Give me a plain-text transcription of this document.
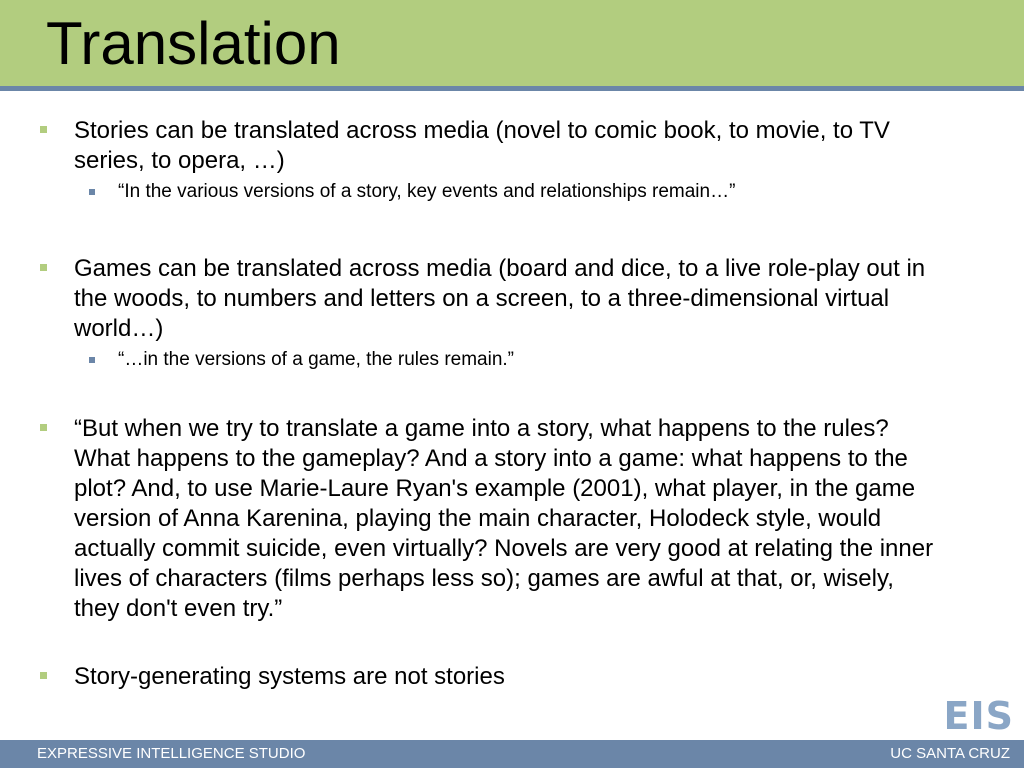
Translation

Stories can be translated across media (novel to comic book, to movie, to TV series, to opera, …)

“In the various versions of a story, key events and relationships remain…”

Games can be translated across media (board and dice, to a live role-play out in the woods, to numbers and letters on a screen, to a three-dimensional virtual world…)

“…in the versions of a game, the rules remain.”

“But when we try to translate a game into a story, what happens to the rules? What happens to the gameplay? And a story into a game: what happens to the plot? And, to use Marie-Laure Ryan's example (2001), what player, in the game version of Anna Karenina, playing the main character, Holodeck style, would actually commit suicide, even virtually? Novels are very good at relating the inner lives of characters (films perhaps less so); games are awful at that, or, wisely, they don't even try.”

Story-generating systems are not stories

EIS
EXPRESSIVE INTELLIGENCE STUDIO	UC SANTA CRUZ
